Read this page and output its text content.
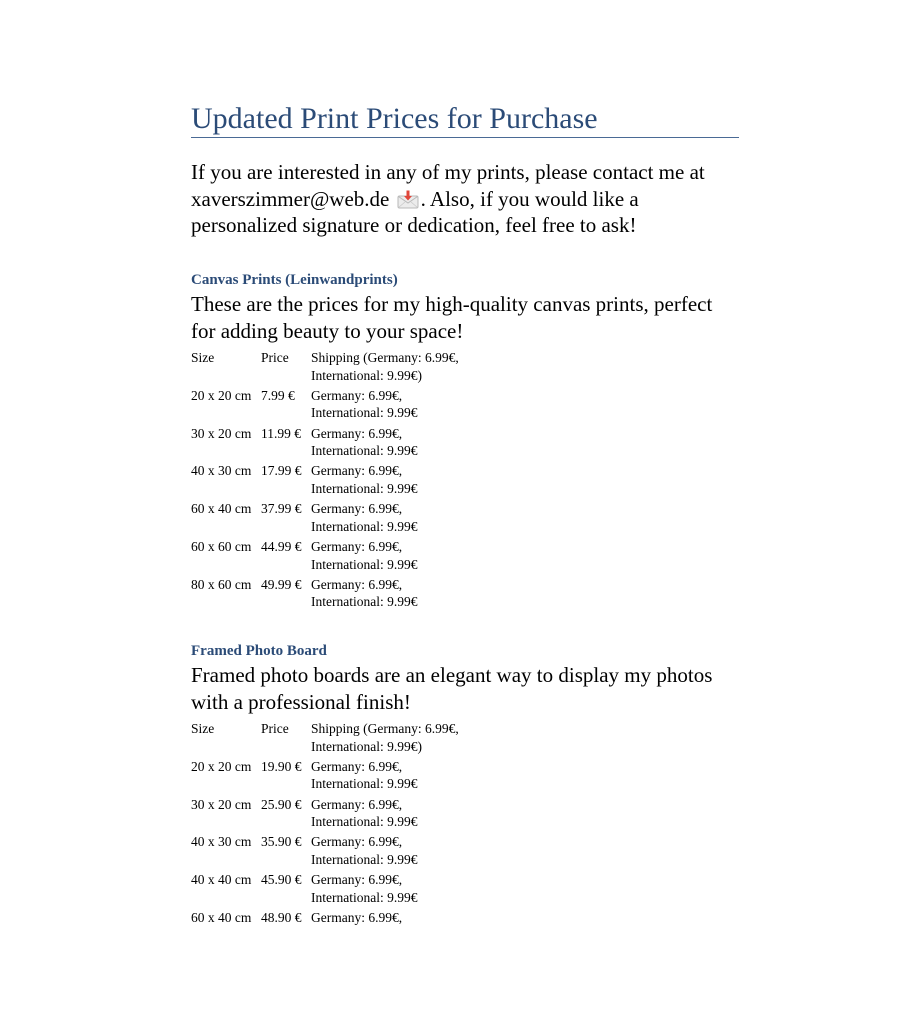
Updated Print Prices for Purchase
If you are interested in any of my prints, please contact me at xaverszimmer@web.de . Also, if you would like a personalized signature or dedication, feel free to ask!
Canvas Prints (Leinwandprints)
These are the prices for my high-quality canvas prints, perfect for adding beauty to your space!
Size	Price	Shipping (Germany: 6.99€,
International: 9.99€)

20 x 20 cm	7.99 €	Germany: 6.99€,
International: 9.99€

30 x 20 cm	11.99 €	Germany: 6.99€,
International: 9.99€

40 x 30 cm	17.99 €	Germany: 6.99€,
International: 9.99€

60 x 40 cm	37.99 €	Germany: 6.99€,
International: 9.99€

60 x 60 cm	44.99 €	Germany: 6.99€,
International: 9.99€

80 x 60 cm	49.99 €	Germany: 6.99€,
International: 9.99€
Framed Photo Board
Framed photo boards are an elegant way to display my photos with a professional finish!
Size	Price	Shipping (Germany: 6.99€,
International: 9.99€)

20 x 20 cm	19.90 €	Germany: 6.99€,
International: 9.99€

30 x 20 cm	25.90 €	Germany: 6.99€,
International: 9.99€

40 x 30 cm	35.90 €	Germany: 6.99€,
International: 9.99€

40 x 40 cm	45.90 €	Germany: 6.99€,
International: 9.99€

60 x 40 cm	48.90 €	Germany: 6.99€,
